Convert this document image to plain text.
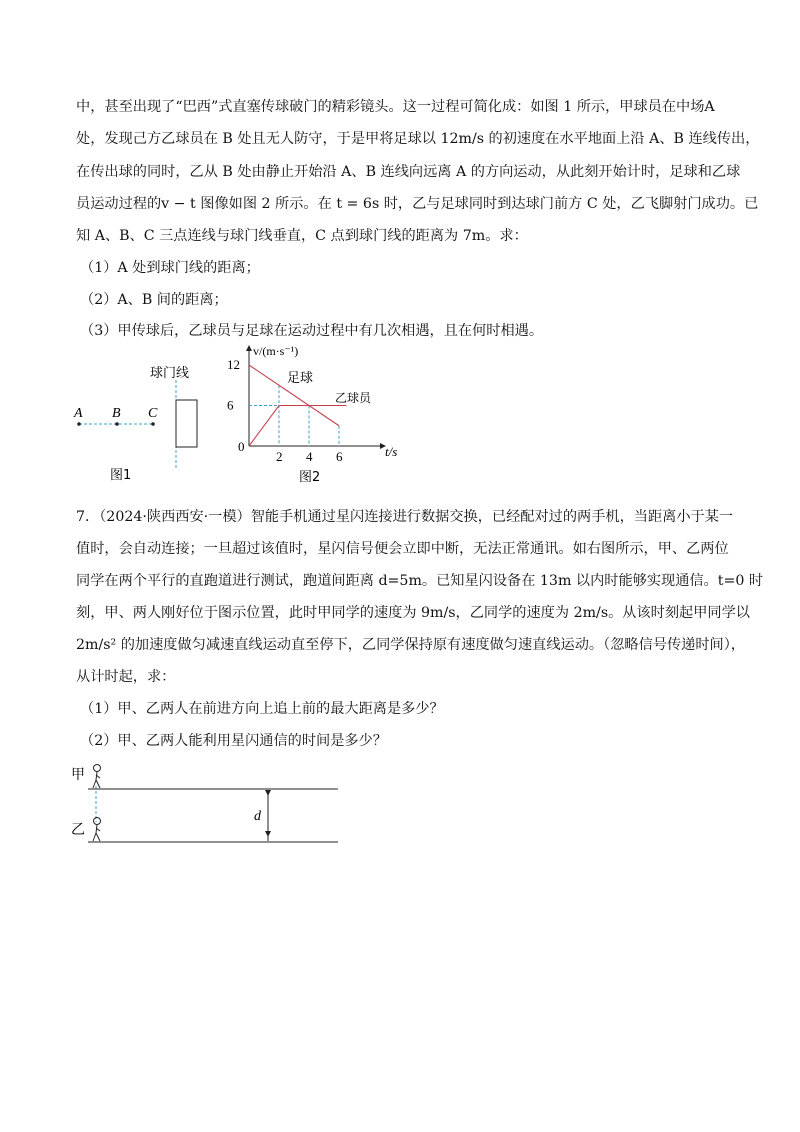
中，甚至出现了“巴西”式直塞传球破门的精彩镜头。这一过程可简化成：如图 1 所示，甲球员在中场A
处，发现己方乙球员在 B 处且无人防守，于是甲将足球以 12m/s 的初速度在水平地面上沿 A、B 连线传出，
在传出球的同时，乙从 B 处由静止开始沿 A、B 连线向远离 A 的方向运动，从此刻开始计时，足球和乙球
员运动过程的v − t 图像如图 2 所示。在 t = 6s 时，乙与足球同时到达球门前方 C 处，乙飞脚射门成功。已
知 A、B、C 三点连线与球门线垂直，C 点到球门线的距离为 7m。求：
（1）A 处到球门线的距离；
（2）A、B 间的距离；
（3）甲传球后，乙球员与足球在运动过程中有几次相遇，且在何时相遇。
球门线
A B C
图1
v/(m·s⁻¹)
t/s
0
12
6
2 4 6
足球
乙球员
图2
7．（2024·陕西西安·一模）智能手机通过星闪连接进行数据交换，已经配对过的两手机，当距离小于某一
值时，会自动连接；一旦超过该值时，星闪信号便会立即中断，无法正常通讯。如右图所示，甲、乙两位
同学在两个平行的直跑道进行测试，跑道间距离 d=5m。已知星闪设备在 13m 以内时能够实现通信。t=0 时
刻，甲、两人刚好位于图示位置，此时甲同学的速度为 9m/s，乙同学的速度为 2m/s。从该时刻起甲同学以
2m/s² 的加速度做匀减速直线运动直至停下，乙同学保持原有速度做匀速直线运动。（忽略信号传递时间），
从计时起，求：
（1）甲、乙两人在前进方向上追上前的最大距离是多少？
（2）甲、乙两人能利用星闪通信的时间是多少？
甲
乙
d
